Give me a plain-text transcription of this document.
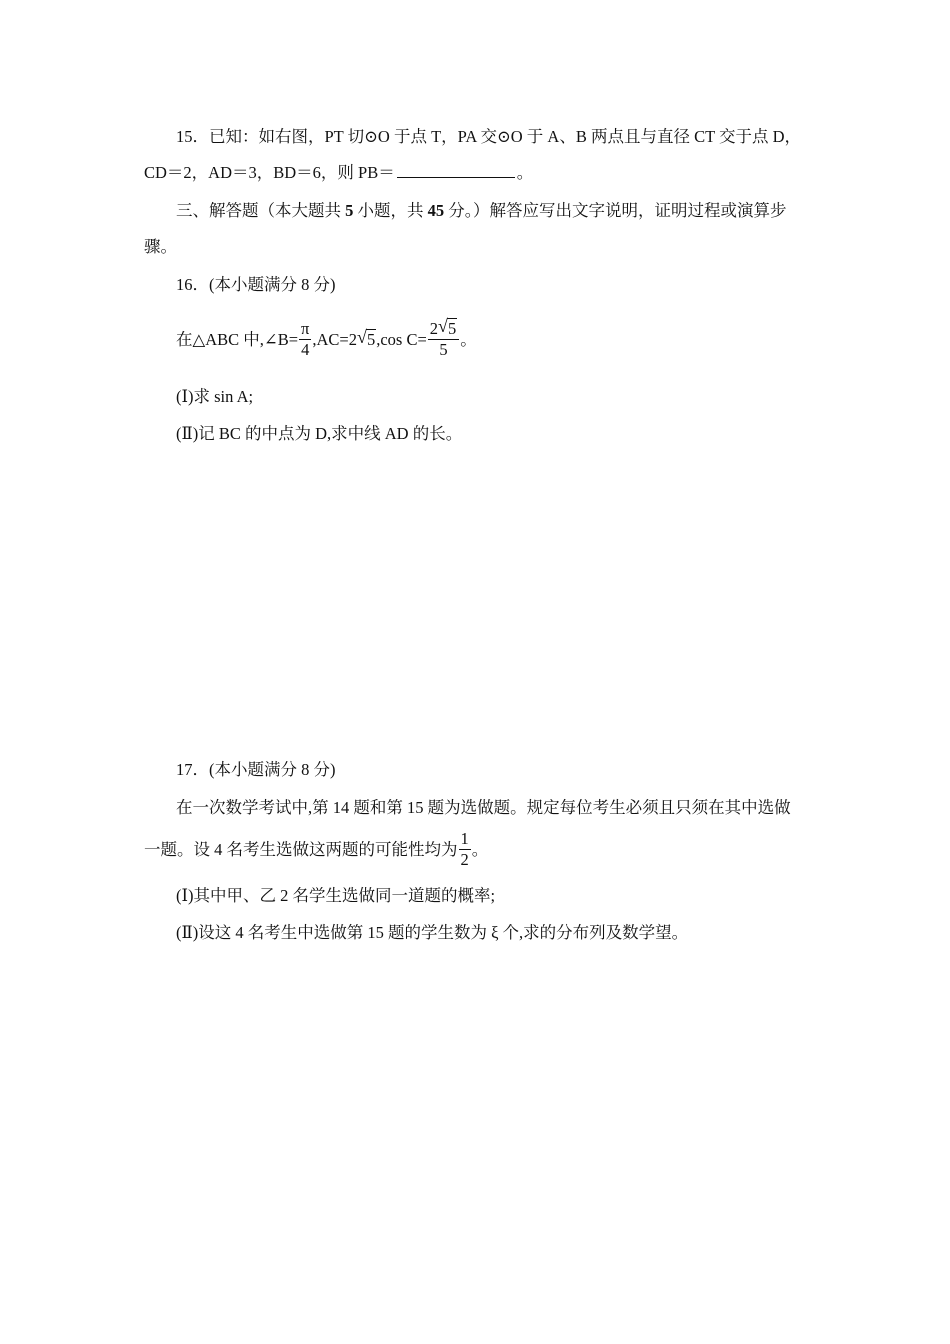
15．已知：如右图，PT 切⊙O 于点 T，PA 交⊙O 于 A、B 两点且与直径 CT 交于点 D，
CD＝2，AD＝3，BD＝6，则 PB＝	。
三、解答题（本大题共 5 小题，共 45 分。）解答应写出文字说明，证明过程或演算步
骤。
16．(本小题满分 8 分)
在△ABC 中,∠B= $\frac{\pi}{4} ,AC=2$ √ 5,cos $C= \frac{2 √ 5}{5}$ 。
(Ⅰ)求 sin A;
(Ⅱ)记 BC 的中点为 D,求中线 AD 的长。
17．(本小题满分 8 分)
在一次数学考试中,第 14 题和第 15 题为选做题。规定每位考生必须且只须在其中选做
一题。设 4 名考生选做这两题的可能性均为 $\frac{1}{2}$ 。
(Ⅰ)其中甲、乙 2 名学生选做同一道题的概率;
(Ⅱ)设这 4 名考生中选做第 15 题的学生数为 ξ 个,求的分布列及数学望。
